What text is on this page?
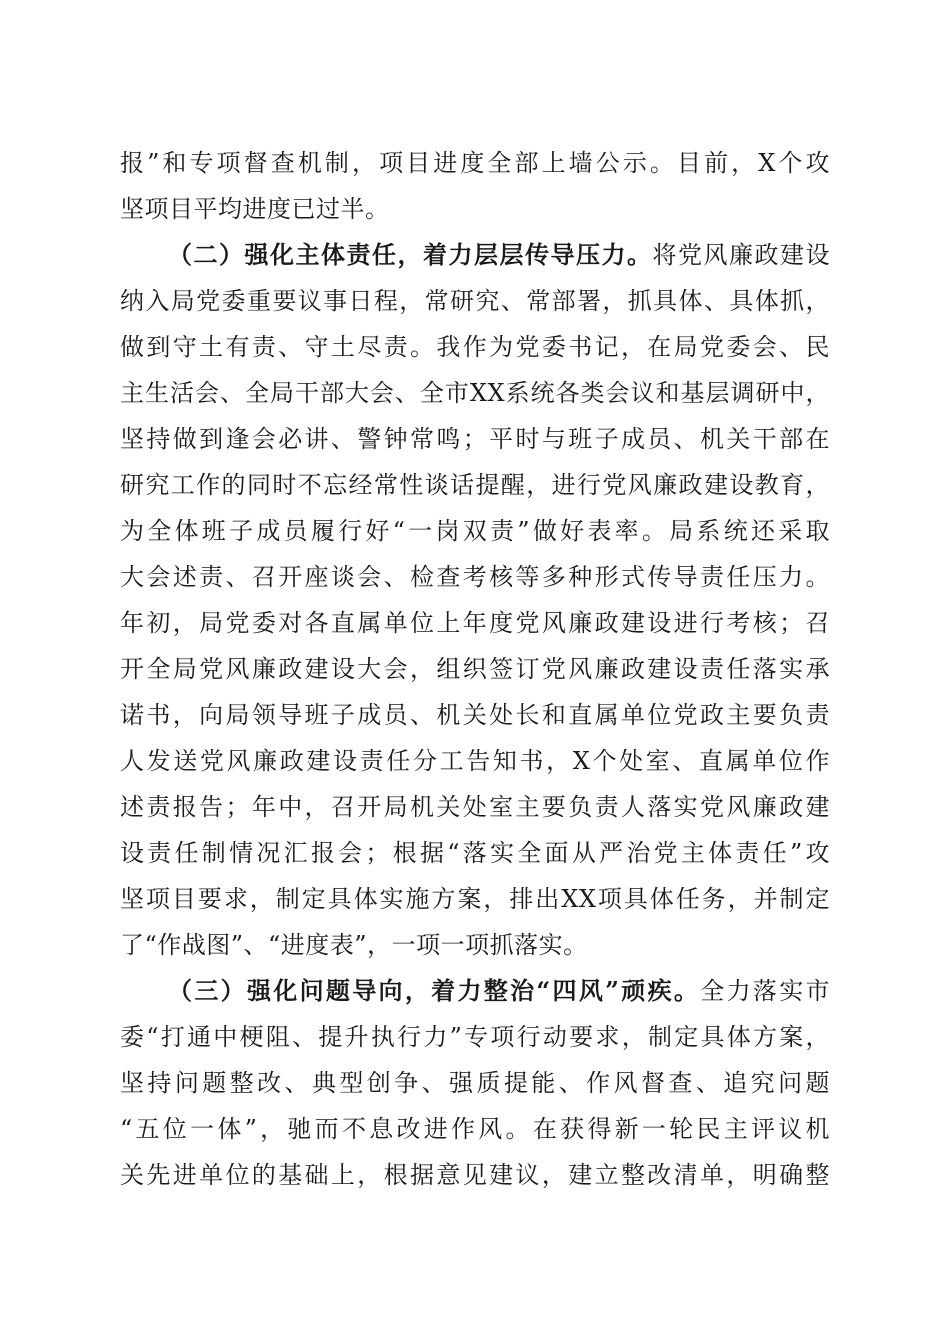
报”和专项督查机制，项目进度全部上墙公示。目前，X个攻
坚项目平均进度已过半。
（二）强化主体责任，着力层层传导压力。将党风廉政建设
纳入局党委重要议事日程，常研究、常部署，抓具体、具体抓，
做到守土有责、守土尽责。我作为党委书记，在局党委会、民
主生活会、全局干部大会、全市XX系统各类会议和基层调研中，
坚持做到逢会必讲、警钟常鸣；平时与班子成员、机关干部在
研究工作的同时不忘经常性谈话提醒，进行党风廉政建设教育，
为全体班子成员履行好“一岗双责”做好表率。局系统还采取
大会述责、召开座谈会、检查考核等多种形式传导责任压力。
年初，局党委对各直属单位上年度党风廉政建设进行考核；召
开全局党风廉政建设大会，组织签订党风廉政建设责任落实承
诺书，向局领导班子成员、机关处长和直属单位党政主要负责
人发送党风廉政建设责任分工告知书，X个处室、直属单位作
述责报告；年中，召开局机关处室主要负责人落实党风廉政建
设责任制情况汇报会；根据“落实全面从严治党主体责任”攻
坚项目要求，制定具体实施方案，排出XX项具体任务，并制定
了“作战图”、“进度表”，一项一项抓落实。
（三）强化问题导向，着力整治“四风”顽疾。全力落实市
委“打通中梗阻、提升执行力”专项行动要求，制定具体方案，
坚持问题整改、典型创争、强质提能、作风督查、追究问题
“五位一体”，驰而不息改进作风。在获得新一轮民主评议机
关先进单位的基础上，根据意见建议，建立整改清单，明确整
